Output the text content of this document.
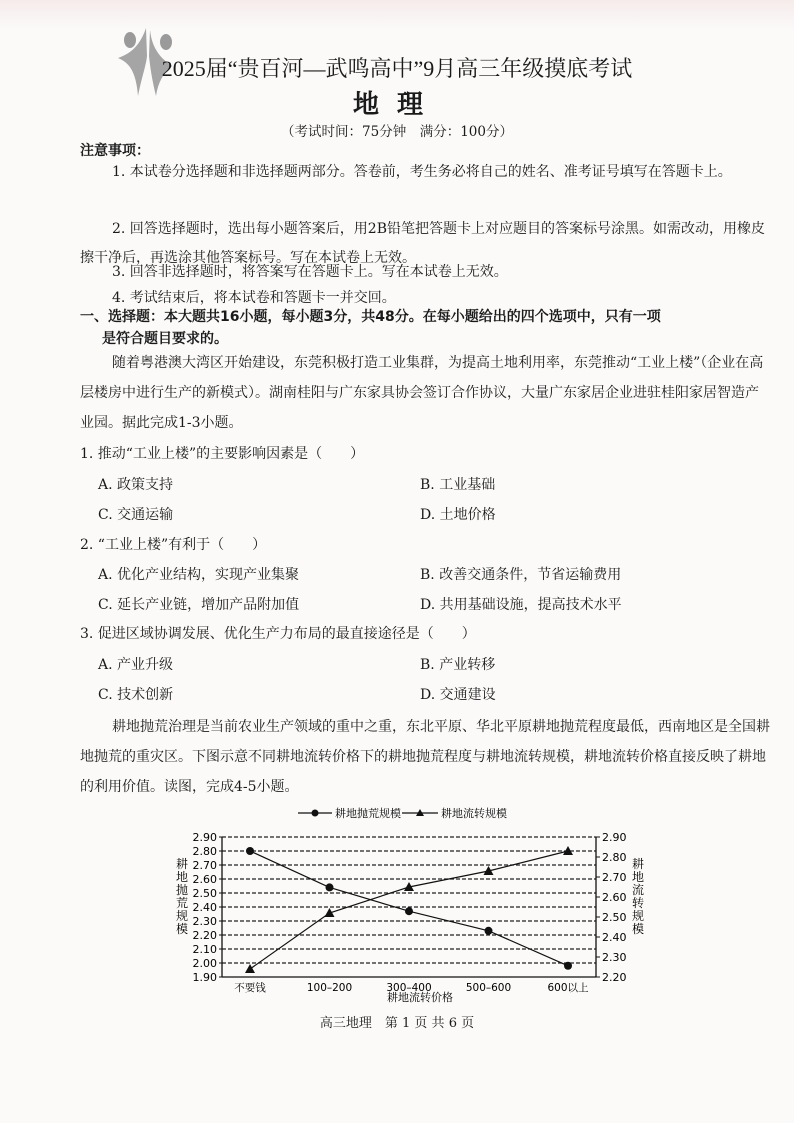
2025届“贵百河—武鸣高中”9月高三年级摸底考试
地理
（考试时间：75分钟　满分：100分）
注意事项：
1. 本试卷分选择题和非选择题两部分。答卷前，考生务必将自己的姓名、准考证号填写在答题卡上。
2. 回答选择题时，选出每小题答案后，用2B铅笔把答题卡上对应题目的答案标号涂黑。如需改动，用橡皮擦干净后，再选涂其他答案标号。写在本试卷上无效。
3. 回答非选择题时，将答案写在答题卡上。写在本试卷上无效。
4. 考试结束后，将本试卷和答题卡一并交回。
一、选择题：本大题共16小题，每小题3分，共48分。在每小题给出的四个选项中，只有一项
是符合题目要求的。
随着粤港澳大湾区开始建设，东莞积极打造工业集群，为提高土地利用率，东莞推动“工业上楼”（企业在高层楼房中进行生产的新模式）。湖南桂阳与广东家具协会签订合作协议，大量广东家居企业进驻桂阳家居智造产业园。据此完成1-3小题。
1. 推动“工业上楼”的主要影响因素是（　　）
A. 政策支持	B. 工业基础
C. 交通运输	D. 土地价格
2. “工业上楼”有利于（　　）
A. 优化产业结构，实现产业集聚	B. 改善交通条件，节省运输费用
C. 延长产业链，增加产品附加值	D. 共用基础设施，提高技术水平
3. 促进区域协调发展、优化生产力布局的最直接途径是（　　）
A. 产业升级	B. 产业转移
C. 技术创新	D. 交通建设
耕地抛荒治理是当前农业生产领域的重中之重，东北平原、华北平原耕地抛荒程度最低，西南地区是全国耕地抛荒的重灾区。下图示意不同耕地流转价格下的耕地抛荒程度与耕地流转规模，耕地流转价格直接反映了耕地的利用价值。读图，完成4-5小题。
耕地抛荒规模	耕地流转规模
1.90
2.00
2.10
2.20
2.30
2.40
2.50
2.60
2.70
2.80
2.90
2.20
2.30
2.40
2.50
2.60
2.70
2.80
2.90
不要钱	100–200	300–400	500–600	600以上
耕地抛荒规模
耕地流转规模
耕地流转价格
高三地理　第 1 页 共 6 页
